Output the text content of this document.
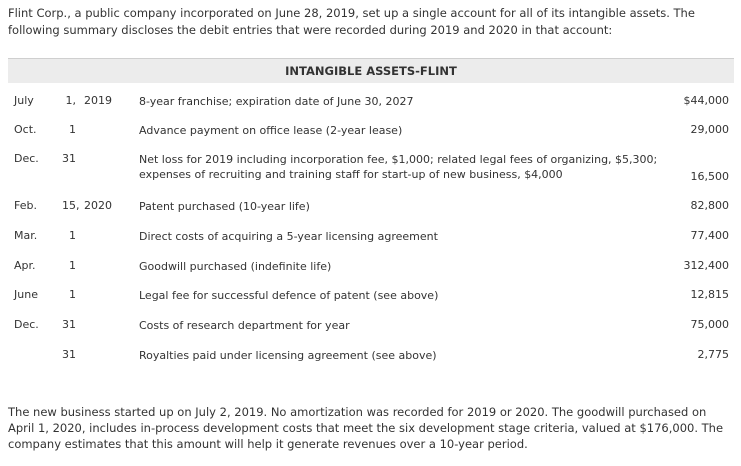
Flint Corp., a public company incorporated on June 28, 2019, set up a single account for all of its intangible assets. The following summary discloses the debit entries that were recorded during 2019 and 2020 in that account:
INTANGIBLE ASSETS-FLINT
July	1, 2019 8-year franchise; expiration date of June 30, 2027	$44,000
Oct.	1	Advance payment on office lease (2-year lease)	29,000
Dec. 31	Net loss for 2019 including incorporation fee, $1,000; related legal fees of organizing, $5,300; expenses of recruiting and training staff for start-up of new business, $4,000	16,500
Feb. 15, 2020 Patent purchased (10-year life)	82,800
Mar.	1	Direct costs of acquiring a 5-year licensing agreement	77,400
Apr.	1	Goodwill purchased (indefinite life)	312,400
June	1	Legal fee for successful defence of patent (see above)	12,815
Dec. 31	Costs of research department for year	75,000
31	Royalties paid under licensing agreement (see above)	2,775
The new business started up on July 2, 2019. No amortization was recorded for 2019 or 2020. The goodwill purchased on April 1, 2020, includes in-process development costs that meet the six development stage criteria, valued at $176,000. The company estimates that this amount will help it generate revenues over a 10-year period.
